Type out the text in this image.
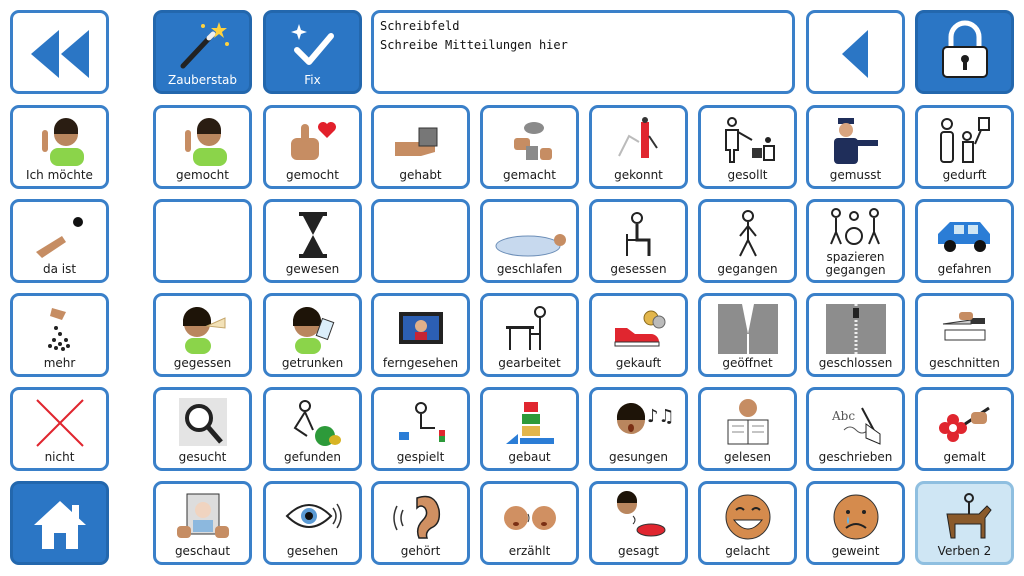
Zauberstab	Fix
Schreibfeld
Schreibe Mitteilungen hier
Ich möchte	gemocht	gemocht	gehabt	gemacht	gekonnt	gesollt	gemusst	gedurft
da ist	gewesen	geschlafen	gesessen	gegangen
spazieren gegangen	gefahren
mehr	gegessen	getrunken	ferngesehen	gearbeitet	gekauft	geöffnet	geschlossen	geschnitten
nicht	gesucht	gefunden	gespielt	gebaut
♪♫
gesungen	gelesen
Abc
geschrieben	gemalt
geschaut	gesehen	gehört	erzählt	gesagt	gelacht	geweint	Verben 2
